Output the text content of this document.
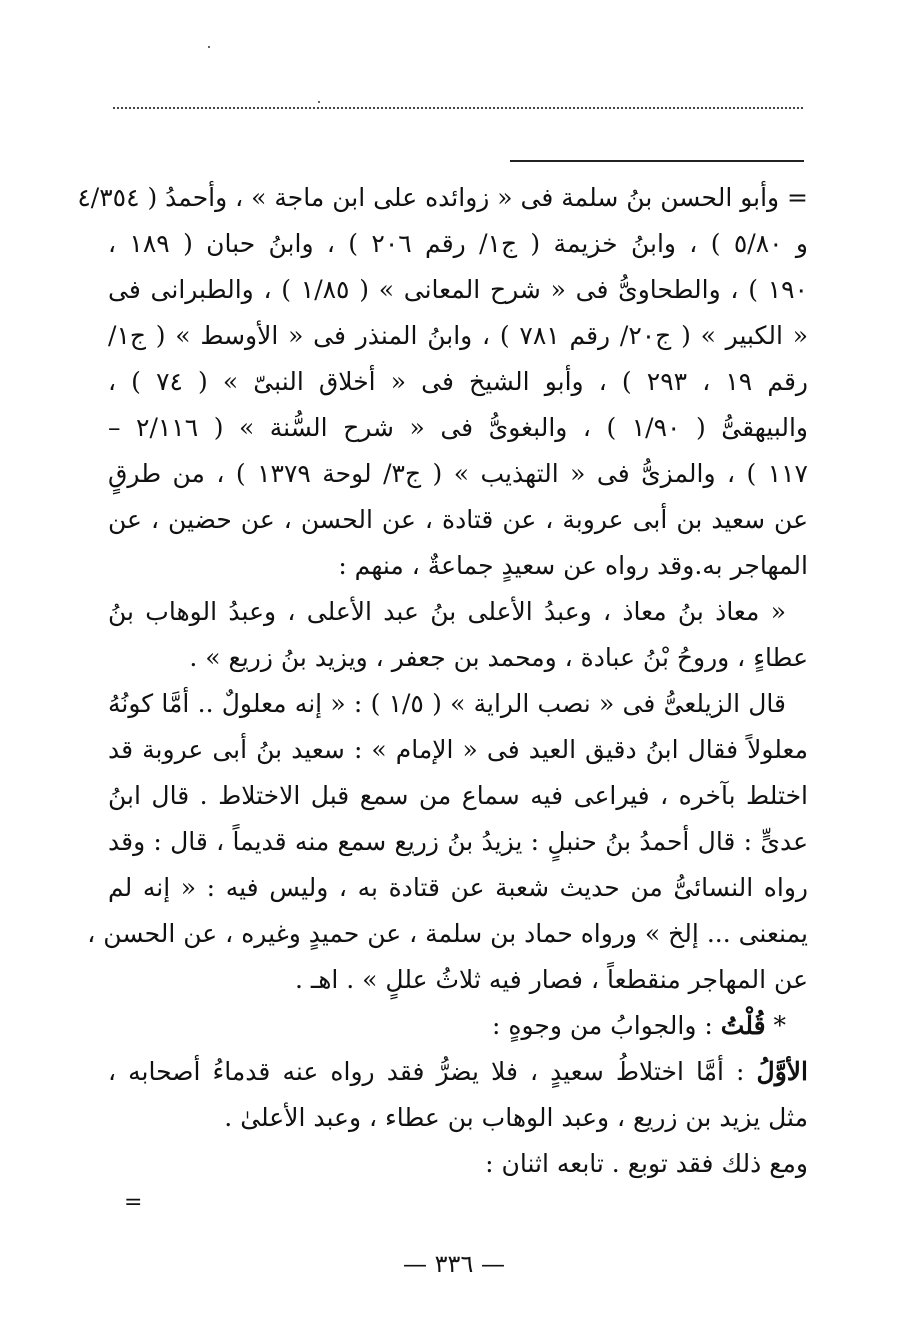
= وأبو الحسن بنُ سلمة فى « زوائده على ابن ماجة » ، وأحمدُ ( ٤/٣٥٤
و ٥/٨٠ ) ، وابنُ خزيمة ( ج١/ رقم ٢٠٦ ) ، وابنُ حبان ( ١٨٩ ،
١٩٠ ) ، والطحاوىُّ فى « شرح المعانى » ( ١/٨٥ ) ، والطبرانى فى
« الكبير » ( ج٢٠/ رقم ٧٨١ ) ، وابنُ المنذر فى « الأوسط » ( ج١/
رقم ١٩ ، ٢٩٣ ) ، وأبو الشيخ فى « أخلاق النبىّ » ( ٧٤ ) ،
والبيهقىُّ ( ١/٩٠ ) ، والبغوىُّ فى « شرح السُّنة » ( ٢/١١٦ –
١١٧ ) ، والمزىُّ فى « التهذيب » ( ج٣/ لوحة ١٣٧٩ ) ، من طرقٍ
عن سعيد بن أبى عروبة ، عن قتادة ، عن الحسن ، عن حضين ، عن
المهاجر به.وقد رواه عن سعيدٍ جماعةٌ ، منهم :
« معاذ بنُ معاذ ، وعبدُ الأعلى بنُ عبد الأعلى ، وعبدُ الوهاب بنُ
عطاءٍ ، وروحُ بْنُ عبادة ، ومحمد بن جعفر ، ويزيد بنُ زريع » .
قال الزيلعىُّ فى « نصب الراية » ( ١/٥ ) : « إنه معلولٌ .. أمَّا كونُهُ
معلولاً فقال ابنُ دقيق العيد فى « الإمام » : سعيد بنُ أبى عروبة قد
اختلط بآخره ، فيراعى فيه سماع من سمع قبل الاختلاط . قال ابنُ
عدىٍّ : قال أحمدُ بنُ حنبلٍ : يزيدُ بنُ زريع سمع منه قديماً ، قال : وقد
رواه النسائىُّ من حديث شعبة عن قتادة به ، وليس فيه : « إنه لم
يمنعنى ... إلخ » ورواه حماد بن سلمة ، عن حميدٍ وغيره ، عن الحسن ،
عن المهاجر منقطعاً ، فصار فيه ثلاثُ عللٍ » . اهـ .
* قُلْتُ : والجوابُ من وجوهٍ :
الأوَّلُ : أمَّا اختلاطُ سعيدٍ ، فلا يضرُّ فقد رواه عنه قدماءُ أصحابه ،
مثل يزيد بن زريع ، وعبد الوهاب بن عطاء ، وعبد الأعلىٰ .
ومع ذلك فقد توبع . تابعه اثنان :
=
— ٣٣٦ —
